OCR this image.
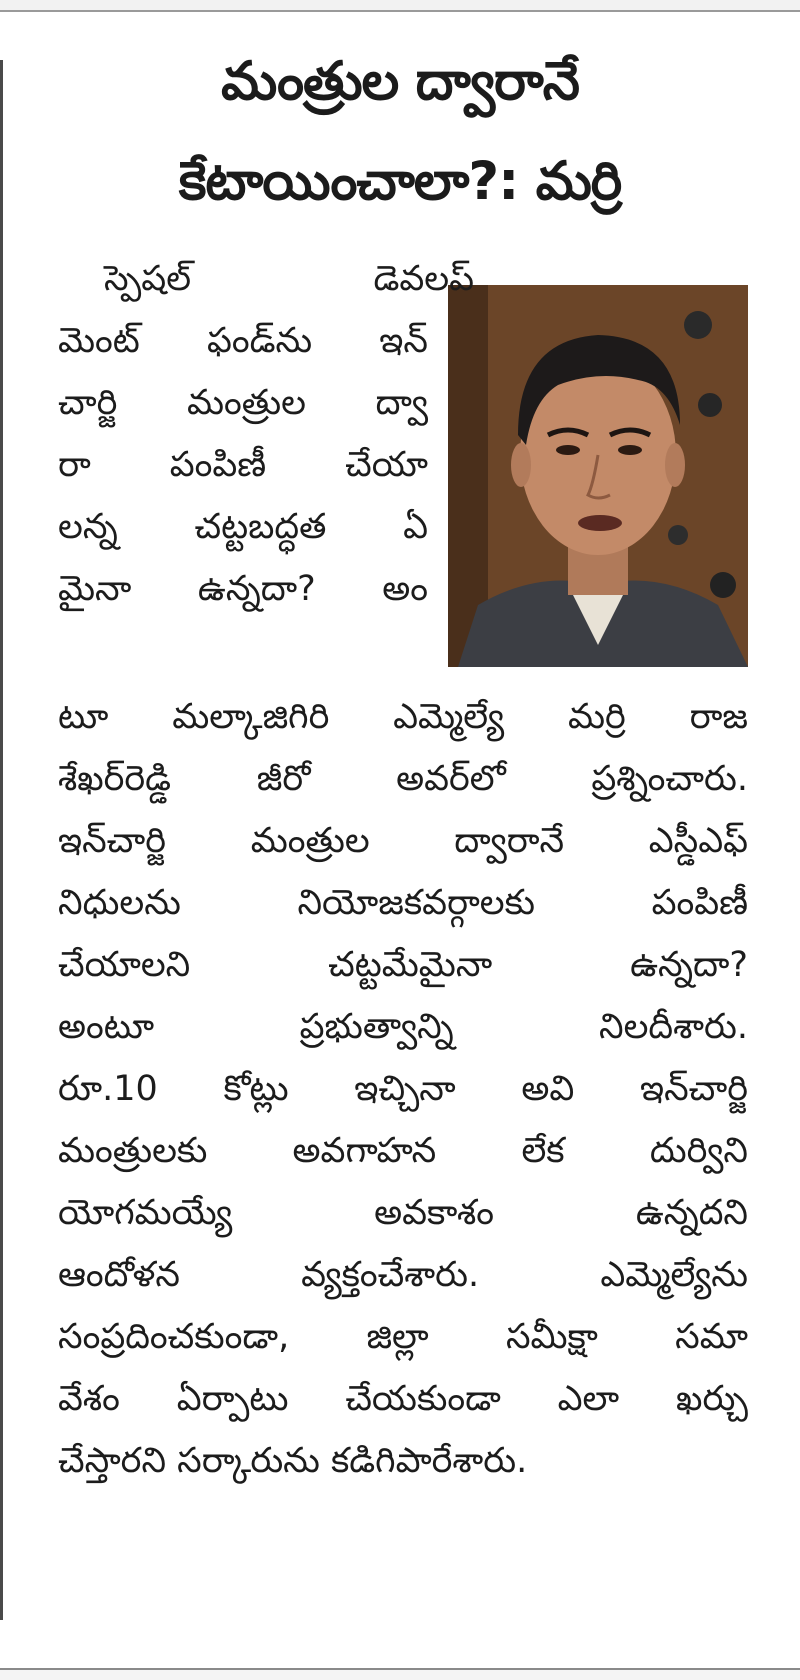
మంత్రుల ద్వారానే
కేటాయించాలా?: మర్రి
స్పెషల్ డెవలప్
మెంట్ ఫండ్‌ను ఇన్
చార్జి మంత్రుల ద్వా
రా పంపిణీ చేయా
లన్న చట్టబద్ధత ఏ
మైనా ఉన్నదా? అం
టూ మల్కాజిగిరి ఎమ్మెల్యే మర్రి రాజ
శేఖర్‌రెడ్డి జీరో అవర్‌లో ప్రశ్నించారు.
ఇన్‌చార్జి మంత్రుల ద్వారానే ఎస్డీఎఫ్
నిధులను నియోజకవర్గాలకు పంపిణీ
చేయాలని చట్టమేమైనా ఉన్నదా?
అంటూ ప్రభుత్వాన్ని నిలదీశారు.
రూ.10 కోట్లు ఇచ్చినా అవి ఇన్‌చార్జి
మంత్రులకు అవగాహన లేక దుర్విని
యోగమయ్యే అవకాశం ఉన్నదని
ఆందోళన వ్యక్తంచేశారు. ఎమ్మెల్యేను
సంప్రదించకుండా, జిల్లా సమీక్షా సమా
వేశం ఏర్పాటు చేయకుండా ఎలా ఖర్చు
చేస్తారని సర్కారును కడిగిపారేశారు.
